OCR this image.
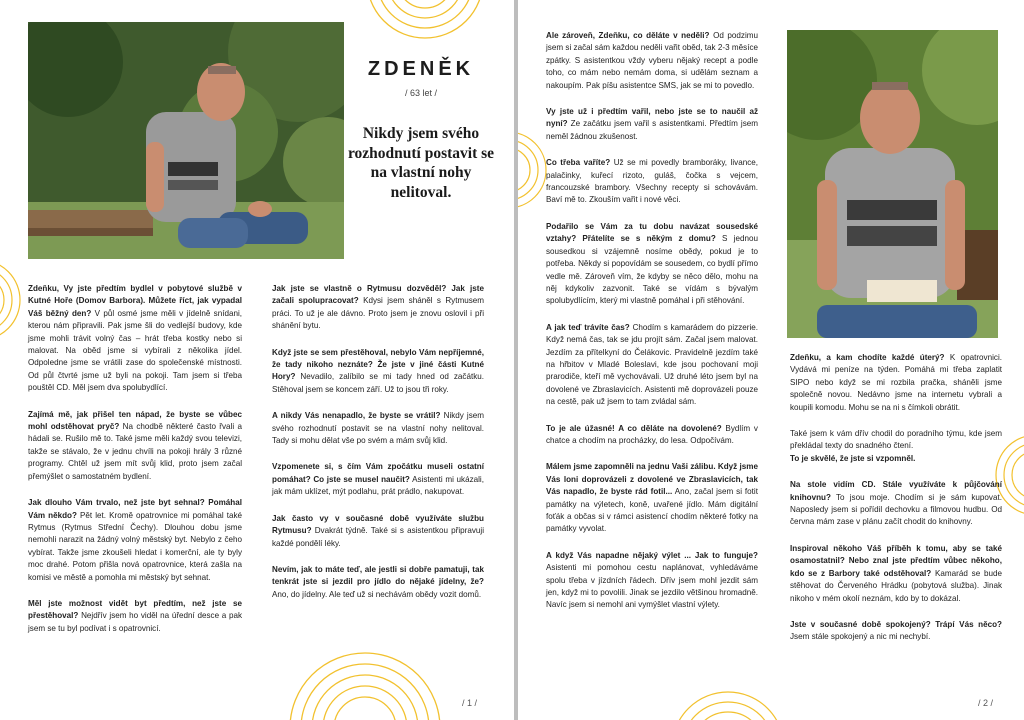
ZDENĚK
/ 63 let /
Nikdy jsem svého rozhodnutí postavit se na vlastní nohy nelitoval.

Zdeňku, Vy jste předtím bydlel v pobytové službě v Kutné Hoře (Domov Barbora). Můžete říct, jak vypadal Váš běžný den? V půl osmé jsme měli v jídelně snídani, kterou nám připravili. Pak jsme šli do vedlejší budovy, kde jsme mohli trávit volný čas – hrát třeba kostky nebo si malovat. Na oběd jsme si vybírali z několika jídel. Odpoledne jsme se vrátili zase do společenské místnosti. Od půl čtvrté jsme už byli na pokoji. Tam jsem si třeba pouštěl CD. Měl jsem dva spolubydlící.

Zajímá mě, jak přišel ten nápad, že byste se vůbec mohl odstěhovat pryč? Na chodbě některé často řvali a hádali se. Rušilo mě to. Také jsme měli každý svou televizi, takže se stávalo, že v jednu chvíli na pokoji hrály 3 různé programy. Chtěl už jsem mít svůj klid, proto jsem začal přemýšlet o samostatném bydlení.

Jak dlouho Vám trvalo, než jste byt sehnal? Pomáhal Vám někdo? Pět let. Kromě opatrovnice mi pomáhal také Rytmus (Rytmus Střední Čechy). Dlouhou dobu jsme nemohli narazit na žádný volný městský byt. Nebylo z čeho vybírat. Takže jsme zkoušeli hledat i komerční, ale ty byly moc drahé. Potom přišla nová opatrovnice, která zašla na komisi ve městě a pomohla mi městský byt sehnat.

Měl jste možnost vidět byt předtím, než jste se přestěhoval? Nejdřív jsem ho viděl na úřední desce a pak jsem se tu byl podívat i s opatrovnicí.

Jak jste se vlastně o Rytmusu dozvěděl? Jak jste začali spolupracovat? Kdysi jsem sháněl s Rytmusem práci. To už je ale dávno. Proto jsem je znovu oslovil i při shánění bytu.

Když jste se sem přestěhoval, nebylo Vám nepříjemné, že tady nikoho neznáte? Že jste v jiné části Kutné Hory? Nevadilo, zalíbilo se mi tady hned od začátku. Stěhoval jsem se koncem září. Už to jsou tři roky.

A nikdy Vás nenapadlo, že byste se vrátil? Nikdy jsem svého rozhodnutí postavit se na vlastní nohy nelitoval. Tady si mohu dělat vše po svém a mám svůj klid.

Vzpomenete si, s čím Vám zpočátku museli ostatní pomáhat? Co jste se musel naučit? Asistenti mi ukázali, jak mám uklízet, mýt podlahu, prát prádlo, nakupovat.

Jak často vy v současné době využíváte službu Rytmusu? Dvakrát týdně. Také si s asistentkou připravuji každé pondělí léky.

Nevím, jak to máte teď, ale jestli si dobře pamatuji, tak tenkrát jste si jezdil pro jídlo do nějaké jídelny, že? Ano, do jídelny. Ale teď už si nechávám obědy vozit domů.

/ 1 /

Ale zároveň, Zdeňku, co děláte v neděli? Od podzimu jsem si začal sám každou neděli vařit oběd, tak 2-3 měsíce zpátky. S asistentkou vždy vyberu nějaký recept a podle toho, co mám nebo nemám doma, si udělám seznam a nakoupím. Pak píšu asistentce SMS, jak se mi to povedlo.

Vy jste už i předtím vařil, nebo jste se to naučil až nyní? Ze začátku jsem vařil s asistentkami. Předtím jsem neměl žádnou zkušenost.

Co třeba vaříte? Už se mi povedly bramboráky, livance, palačinky, kuřecí rizoto, guláš, čočka s vejcem, francouzské brambory. Všechny recepty si schovávám. Baví mě to. Zkouším vařit i nové věci.

Podařilo se Vám za tu dobu navázat sousedské vztahy? Přátelíte se s někým z domu? S jednou sousedkou si vzájemně nosíme obědy, pokud je to potřeba. Někdy si popovídám se sousedem, co bydlí přímo vedle mě. Zároveň vím, že kdyby se něco dělo, mohu na něj kdykoliv zazvonit. Také se vídám s bývalým spolubydlícím, který mi vlastně pomáhal i při stěhování.

A jak teď trávíte čas? Chodím s kamarádem do pizzerie. Když nemá čas, tak se jdu projít sám. Začal jsem malovat. Jezdím za přítelkyní do Čelákovic. Pravidelně jezdím také na hřbitov v Mladé Boleslavi, kde jsou pochovaní moji prarodiče, kteří mě vychovávali. Už druhé léto jsem byl na dovolené ve Zbraslavicích. Asistenti mě doprovázeli pouze na cestě, pak už jsem to tam zvládal sám.

To je ale úžasné! A co děláte na dovolené? Bydlím v chatce a chodím na procházky, do lesa. Odpočívám.

Málem jsme zapomněli na jednu Vaši zálibu. Když jsme Vás loni doprovázeli z dovolené ve Zbraslavicích, tak Vás napadlo, že byste rád fotil... Ano, začal jsem si fotit památky na výletech, koně, uvařené jídlo. Mám digitální foťák a občas si v rámci asistencí chodím některé fotky na památky vyvolat.

A když Vás napadne nějaký výlet ... Jak to funguje? Asistenti mi pomohou cestu naplánovat, vyhledáváme spolu třeba v jízdních řádech. Dřív jsem mohl jezdit sám jen, když mi to povolili. Jinak se jezdilo většinou hromadně. Navíc jsem si nemohl ani vymýšlet vlastní výlety.

Zdeňku, a kam chodíte každé úterý? K opatrovnici. Vydává mi peníze na týden. Pomáhá mi třeba zaplatit SIPO nebo když se mi rozbila pračka, sháněli jsme společně novou. Nedávno jsme na internetu vybrali a koupili komodu. Mohu se na ni s čímkoli obrátit.

Také jsem k vám dřív chodil do poradního týmu, kde jsem překládal texty do snadného čtení.
To je skvělé, že jste si vzpomněl.

Na stole vidím CD. Stále využíváte k půjčování knihovnu? To jsou moje. Chodím si je sám kupovat. Naposledy jsem si pořídil dechovku a filmovou hudbu. Od června mám zase v plánu začít chodit do knihovny.

Inspiroval někoho Váš příběh k tomu, aby se také osamostatnil? Nebo znal jste předtím vůbec někoho, kdo se z Barbory také odstěhoval? Kamarád se bude stěhovat do Červeného Hrádku (pobytová služba). Jinak nikoho v mém okolí neznám, kdo by to dokázal.

Jste v současné době spokojený? Trápí Vás něco? Jsem stále spokojený a nic mi nechybí.

/ 2 /
